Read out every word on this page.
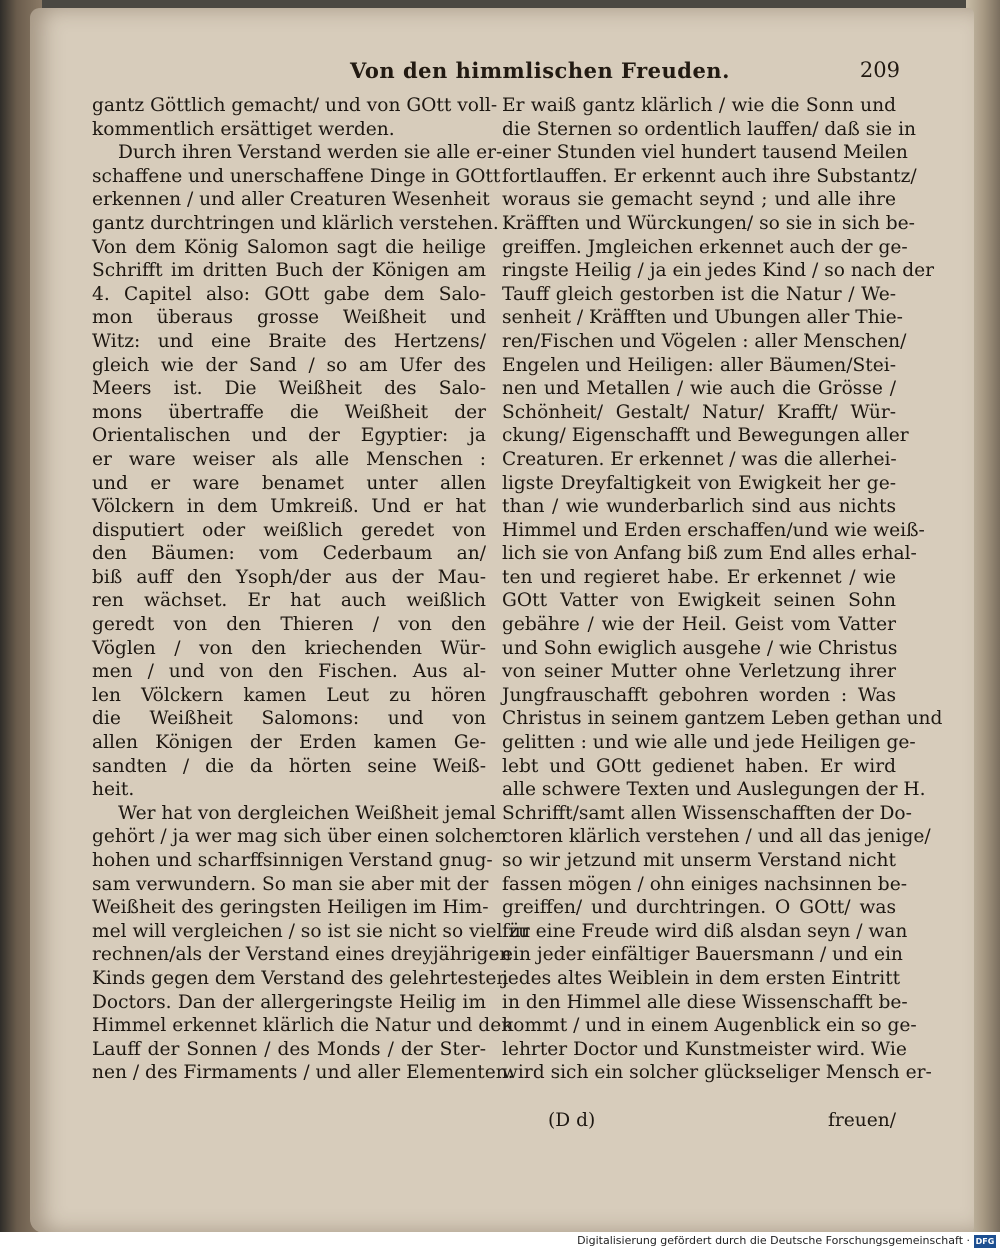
Von den himmlischen Freuden.	209
gantz Göttlich gemacht/ und von GOtt voll-
kommentlich ersättiget werden.
Durch ihren Verstand werden sie alle er-
schaffene und unerschaffene Dinge in GOtt
erkennen / und aller Creaturen Wesenheit
gantz durchtringen und klärlich verstehen.
Von dem König Salomon sagt die heilige
Schrifft im dritten Buch der Königen am
4. Capitel also: GOtt gabe dem Salo-
mon überaus grosse Weißheit und
Witz: und eine Braite des Hertzens/
gleich wie der Sand / so am Ufer des
Meers ist. Die Weißheit des Salo-
mons übertraffe die Weißheit der
Orientalischen und der Egyptier: ja
er ware weiser als alle Menschen :
und er ware benamet unter allen
Völckern in dem Umkreiß. Und er hat
disputiert oder weißlich geredet von
den Bäumen: vom Cederbaum an/
biß auff den Ysoph/der aus der Mau-
ren wächset. Er hat auch weißlich
geredt von den Thieren / von den
Vöglen / von den kriechenden Wür-
men / und von den Fischen. Aus al-
len Völckern kamen Leut zu hören
die Weißheit Salomons: und von
allen Königen der Erden kamen Ge-
sandten / die da hörten seine Weiß-
heit.
Wer hat von dergleichen Weißheit jemal
gehört / ja wer mag sich über einen solchen
hohen und scharffsinnigen Verstand gnug-
sam verwundern. So man sie aber mit der
Weißheit des geringsten Heiligen im Him-
mel will vergleichen / so ist sie nicht so viel zu
rechnen/als der Verstand eines dreyjährigen
Kinds gegen dem Verstand des gelehrtesten
Doctors. Dan der allergeringste Heilig im
Himmel erkennet klärlich die Natur und den
Lauff der Sonnen / des Monds / der Ster-
nen / des Firmaments / und aller Elementen.
Er waiß gantz klärlich / wie die Sonn und
die Sternen so ordentlich lauffen/ daß sie in
einer Stunden viel hundert tausend Meilen
fortlauffen. Er erkennt auch ihre Substantz/
woraus sie gemacht seynd ; und alle ihre
Kräfften und Würckungen/ so sie in sich be-
greiffen. Jmgleichen erkennet auch der ge-
ringste Heilig / ja ein jedes Kind / so nach der
Tauff gleich gestorben ist die Natur / We-
senheit / Kräfften und Ubungen aller Thie-
ren/Fischen und Vögelen : aller Menschen/
Engelen und Heiligen: aller Bäumen/Stei-
nen und Metallen / wie auch die Grösse /
Schönheit/ Gestalt/ Natur/ Krafft/ Wür-
ckung/ Eigenschafft und Bewegungen aller
Creaturen. Er erkennet / was die allerhei-
ligste Dreyfaltigkeit von Ewigkeit her ge-
than / wie wunderbarlich sind aus nichts
Himmel und Erden erschaffen/und wie weiß-
lich sie von Anfang biß zum End alles erhal-
ten und regieret habe. Er erkennet / wie
GOtt Vatter von Ewigkeit seinen Sohn
gebähre / wie der Heil. Geist vom Vatter
und Sohn ewiglich ausgehe / wie Christus
von seiner Mutter ohne Verletzung ihrer
Jungfrauschafft gebohren worden : Was
Christus in seinem gantzem Leben gethan und
gelitten : und wie alle und jede Heiligen ge-
lebt und GOtt gedienet haben. Er wird
alle schwere Texten und Auslegungen der H.
Schrifft/samt allen Wissenschafften der Do-
ctoren klärlich verstehen / und all das jenige/
so wir jetzund mit unserm Verstand nicht
fassen mögen / ohn einiges nachsinnen be-
greiffen/ und durchtringen. O GOtt/ was
für eine Freude wird diß alsdan seyn / wan
ein jeder einfältiger Bauersmann / und ein
jedes altes Weiblein in dem ersten Eintritt
in den Himmel alle diese Wissenschafft be-
kommt / und in einem Augenblick ein so ge-
lehrter Doctor und Kunstmeister wird. Wie
wird sich ein solcher glückseliger Mensch er-
(D d)	freuen/
Digitalisierung gefördert durch die Deutsche Forschungsgemeinschaft · DFG
